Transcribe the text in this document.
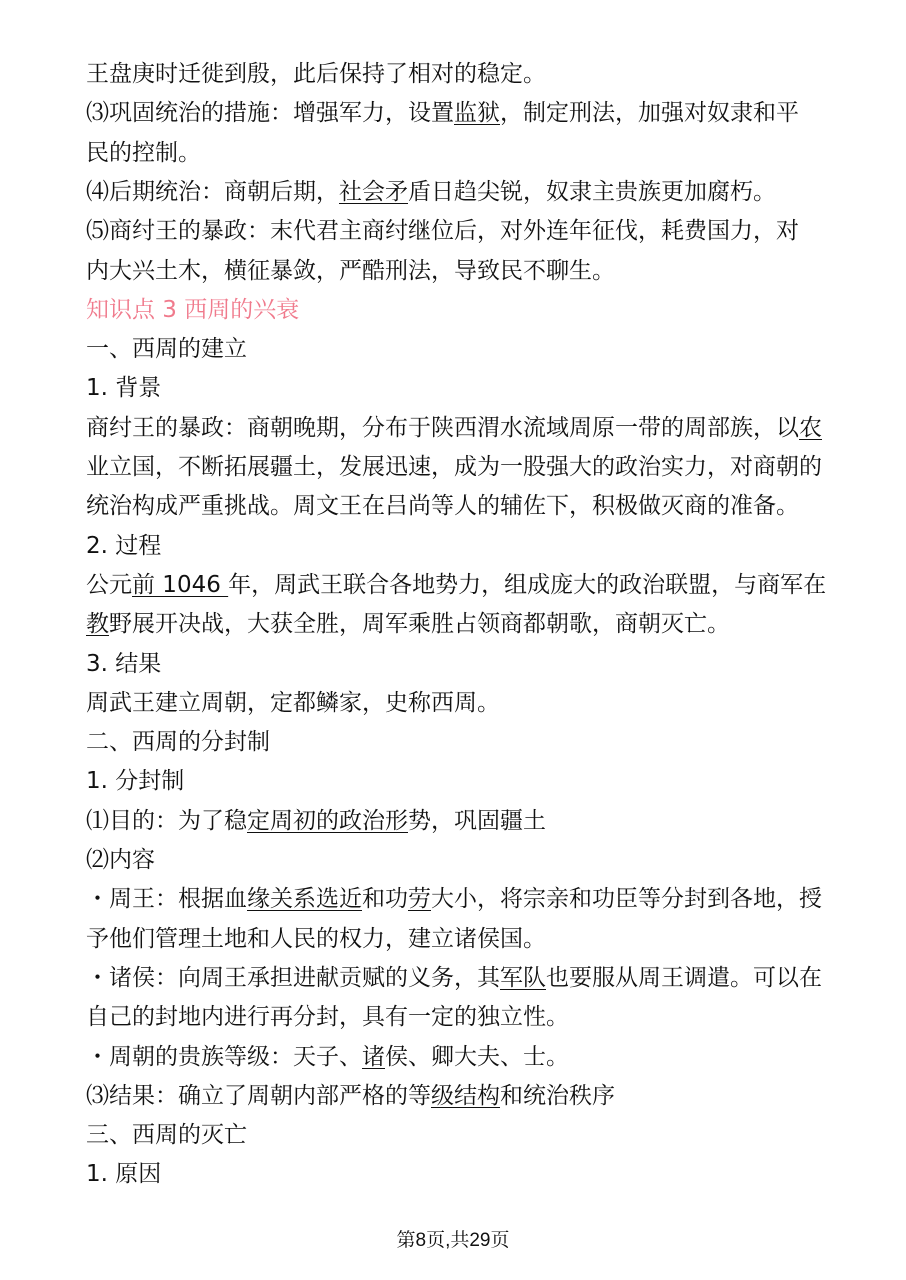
王盘庚时迁徙到殷，此后保持了相对的稳定。
⑶巩固统治的措施：增强军力，设置监狱，制定刑法，加强对奴隶和平
民的控制。
⑷后期统治：商朝后期，社会矛盾日趋尖锐，奴隶主贵族更加腐朽。
⑸商纣王的暴政：末代君主商纣继位后，对外连年征伐，耗费国力，对
内大兴土木，横征暴敛，严酷刑法，导致民不聊生。
知识点 3 西周的兴衰
一、西周的建立
1. 背景
商纣王的暴政：商朝晚期，分布于陕西渭水流域周原一带的周部族，以农
业立国，不断拓展疆土，发展迅速，成为一股强大的政治实力，对商朝的
统治构成严重挑战。周文王在吕尚等人的辅佐下，积极做灭商的准备。
2. 过程
公元前 1046 年，周武王联合各地势力，组成庞大的政治联盟，与商军在
教野展开决战，大获全胜，周军乘胜占领商都朝歌，商朝灭亡。
3. 结果
周武王建立周朝，定都鳞家，史称西周。
二、西周的分封制
1. 分封制
⑴目的：为了稳定周初的政治形势，巩固疆土
⑵内容
・周王：根据血缘关系选近和功劳大小，将宗亲和功臣等分封到各地，授
予他们管理土地和人民的权力，建立诸侯国。
・诸侯：向周王承担进献贡赋的义务，其军队也要服从周王调遣。可以在
自己的封地内进行再分封，具有一定的独立性。
・周朝的贵族等级：天子、诸侯、卿大夫、士。
⑶结果：确立了周朝内部严格的等级结构和统治秩序
三、西周的灭亡
1. 原因
第8页,共29页
